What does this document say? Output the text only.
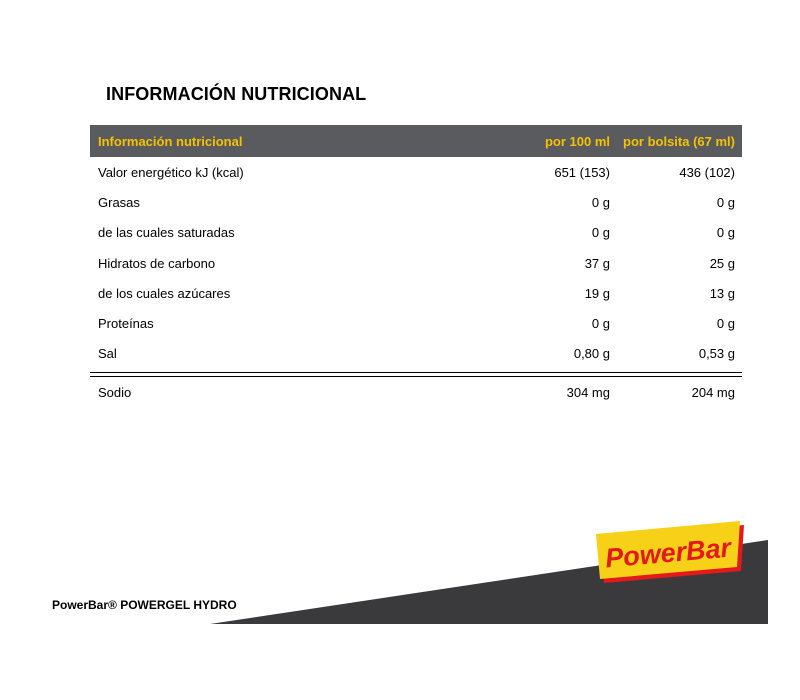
INFORMACIÓN NUTRICIONAL
Información nutricional	por 100 ml	por bolsita (67 ml)
Valor energético kJ (kcal)	651 (153)	436 (102)
Grasas	0 g	0 g
de las cuales saturadas	0 g	0 g
Hidratos de carbono	37 g	25 g
de los cuales azúcares	19 g	13 g
Proteínas	0 g	0 g
Sal	0,80 g	0,53 g
Sodio	304 mg	204 mg
PowerBar
PowerBar® POWERGEL HYDRO
